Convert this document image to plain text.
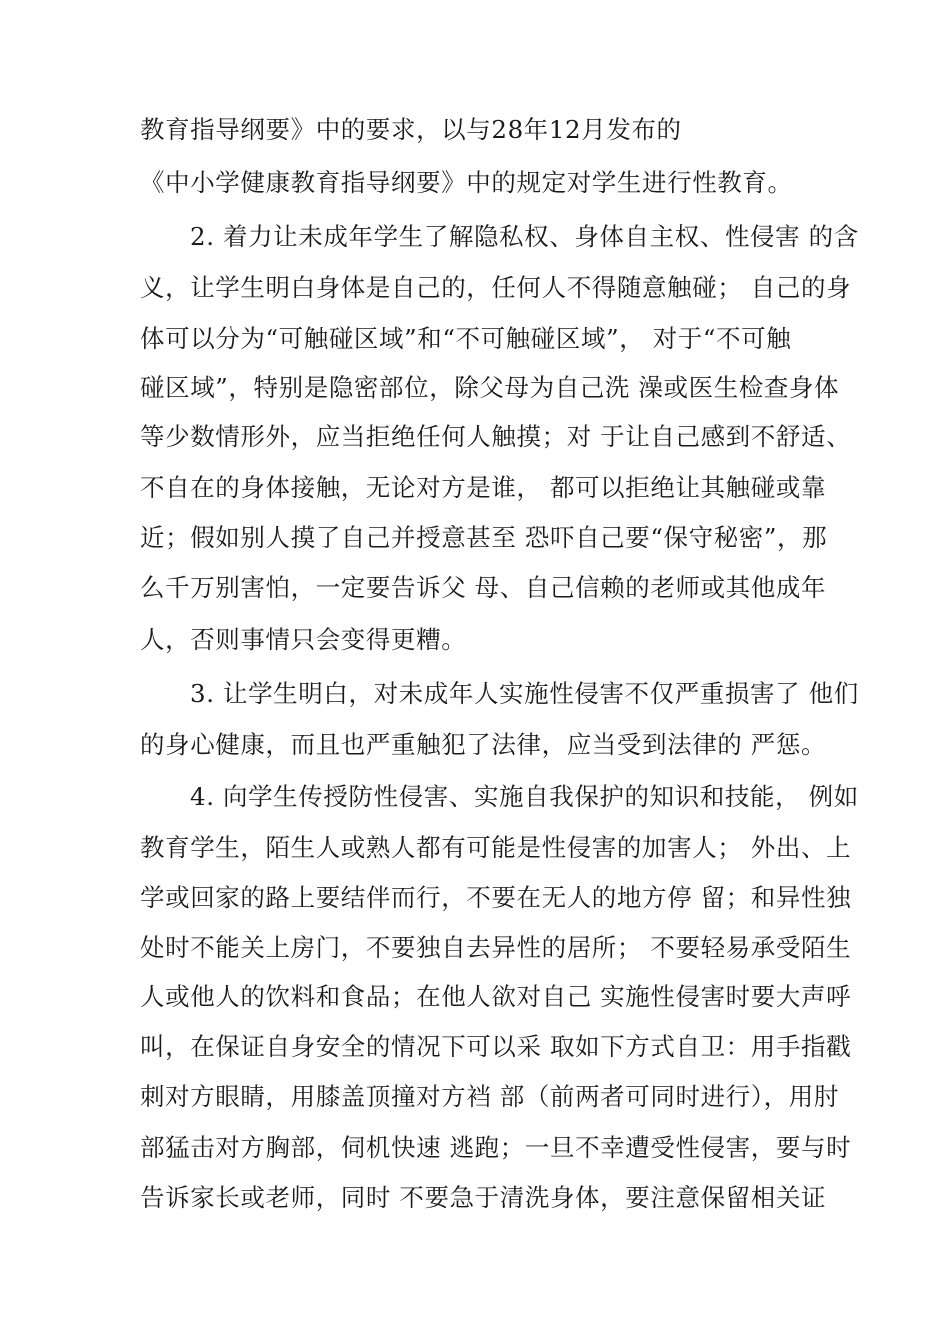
教育指导纲要》中的要求，以与28年12月发布的

《中小学健康教育指导纲要》中的规定对学生进行性教育。

2. 着力让未成年学生了解隐私权、身体自主权、性侵害 的含

义，让学生明白身体是自己的，任何人不得随意触碰； 自己的身

体可以分为“可触碰区域”和“不可触碰区域”， 对于“不可触

碰区域”，特别是隐密部位，除父母为自己洗 澡或医生检查身体

等少数情形外，应当拒绝任何人触摸；对 于让自己感到不舒适、

不自在的身体接触，无论对方是谁， 都可以拒绝让其触碰或靠

近；假如别人摸了自己并授意甚至 恐吓自己要“保守秘密”，那

么千万别害怕，一定要告诉父 母、自己信赖的老师或其他成年

人，否则事情只会变得更糟。

3. 让学生明白，对未成年人实施性侵害不仅严重损害了 他们

的身心健康，而且也严重触犯了法律，应当受到法律的 严惩。

4. 向学生传授防性侵害、实施自我保护的知识和技能， 例如

教育学生，陌生人或熟人都有可能是性侵害的加害人； 外出、上

学或回家的路上要结伴而行，不要在无人的地方停 留；和异性独

处时不能关上房门，不要独自去异性的居所； 不要轻易承受陌生

人或他人的饮料和食品；在他人欲对自己 实施性侵害时要大声呼

叫，在保证自身安全的情况下可以采 取如下方式自卫：用手指戳

刺对方眼睛，用膝盖顶撞对方裆 部（前两者可同时进行），用肘

部猛击对方胸部，伺机快速 逃跑；一旦不幸遭受性侵害，要与时

告诉家长或老师，同时 不要急于清洗身体，要注意保留相关证
